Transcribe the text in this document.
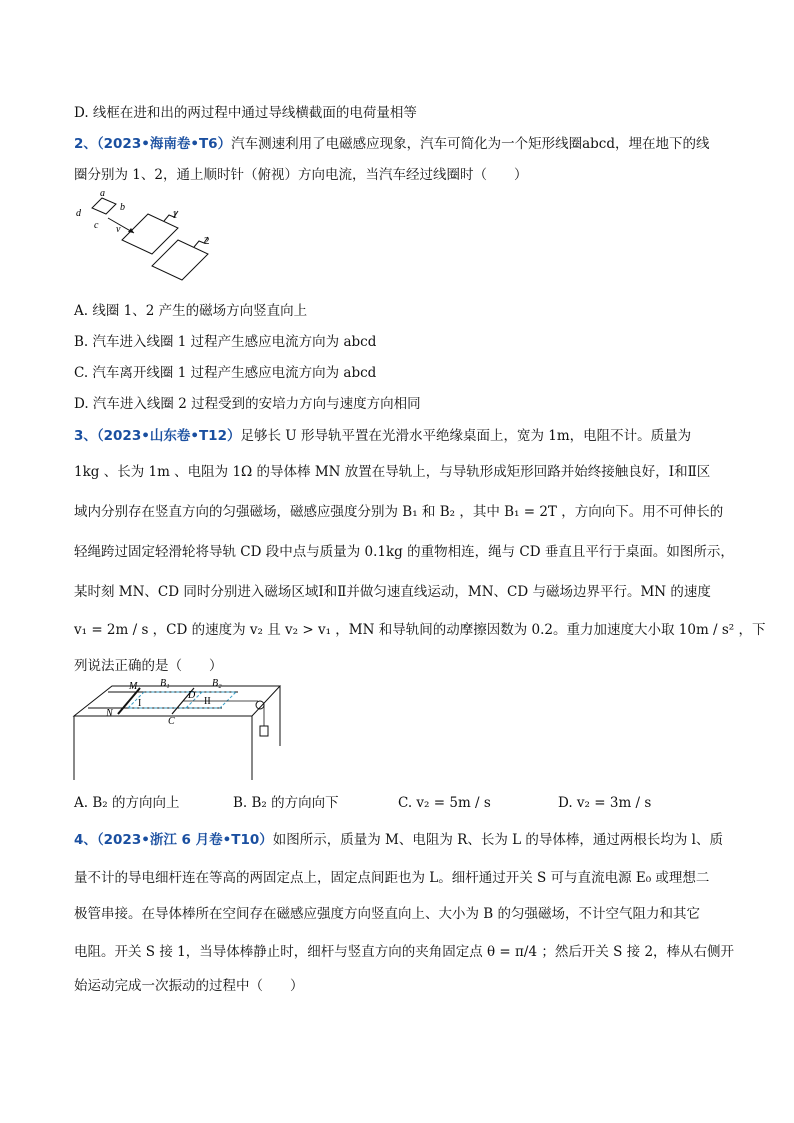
D. 线框在进和出的两过程中通过导线横截面的电荷量相等
2、（2023•海南卷•T6）汽车测速利用了电磁感应现象，汽车可简化为一个矩形线圈abcd，埋在地下的线
圈分别为 1、2，通上顺时针（俯视）方向电流，当汽车经过线圈时（　　）
a
b
c
d
v
1
2
A. 线圈 1、2 产生的磁场方向竖直向上
B. 汽车进入线圈 1 过程产生感应电流方向为 abcd
C. 汽车离开线圈 1 过程产生感应电流方向为 abcd
D. 汽车进入线圈 2 过程受到的安培力方向与速度方向相同
3、（2023•山东卷•T12）足够长 U 形导轨平置在光滑水平绝缘桌面上，宽为 1m，电阻不计。质量为
1kg 、长为 1m 、电阻为 1Ω 的导体棒 MN 放置在导轨上，与导轨形成矩形回路并始终接触良好，Ⅰ和Ⅱ区
域内分别存在竖直方向的匀强磁场，磁感应强度分别为 B₁ 和 B₂ ，其中 B₁ = 2T ，方向向下。用不可伸长的
轻绳跨过固定轻滑轮将导轨 CD 段中点与质量为 0.1kg 的重物相连，绳与 CD 垂直且平行于桌面。如图所示，
某时刻 MN、CD 同时分别进入磁场区域Ⅰ和Ⅱ并做匀速直线运动，MN、CD 与磁场边界平行。MN 的速度
v₁ = 2m / s ，CD 的速度为 v₂ 且 v₂ > v₁ ，MN 和导轨间的动摩擦因数为 0.2。重力加速度大小取 10m / s² ，下
列说法正确的是（　　）
M
N
B₁	B₂
D
C
I	II
A. B₂ 的方向向上	B. B₂ 的方向向下	C. v₂ = 5m / s	D. v₂ = 3m / s
4、（2023•浙江 6 月卷•T10）如图所示，质量为 M、电阻为 R、长为 L 的导体棒，通过两根长均为 l、质
量不计的导电细杆连在等高的两固定点上，固定点间距也为 L。细杆通过开关 S 可与直流电源 E₀ 或理想二
极管串接。在导体棒所在空间存在磁感应强度方向竖直向上、大小为 B 的匀强磁场，不计空气阻力和其它
电阻。开关 S 接 1，当导体棒静止时，细杆与竖直方向的夹角固定点 θ = π/4 ；然后开关 S 接 2，棒从右侧开
始运动完成一次振动的过程中（　　）
